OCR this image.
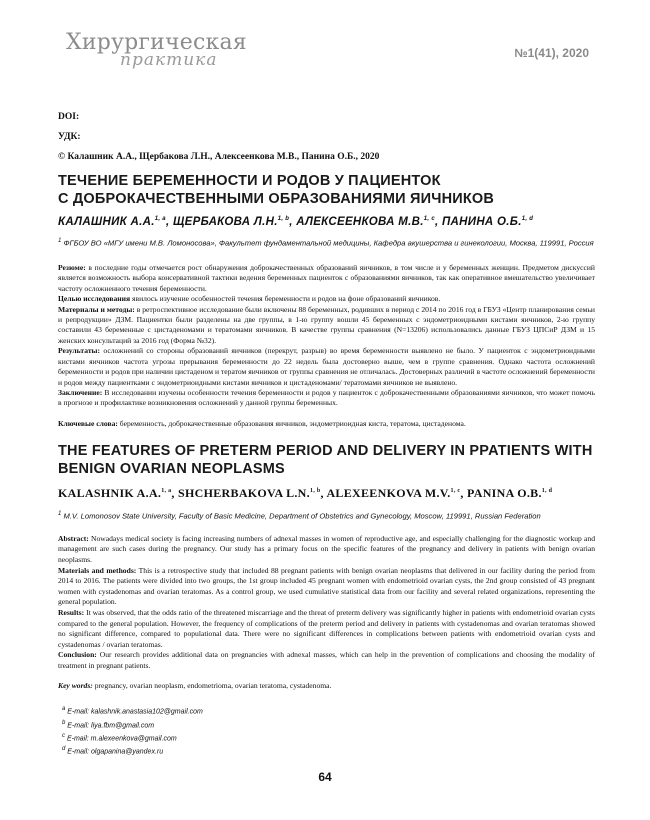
Хирургическая
практика	№1(41), 2020

DOI:

УДК:

© Калашник А.А., Щербакова Л.Н., Алексеенкова М.В., Панина О.Б., 2020

ТЕЧЕНИЕ БЕРЕМЕННОСТИ И РОДОВ У ПАЦИЕНТОК
С ДОБРОКАЧЕСТВЕННЫМИ ОБРАЗОВАНИЯМИ ЯИЧНИКОВ

КАЛАШНИК А.А.$^{1, a}$, ЩЕРБАКОВА Л.Н.$^{1, b}$, АЛЕКСЕЕНКОВА М.В.$^{1, c}$, ПАНИНА О.Б.$^{1, d}$

$^1$ ФГБОУ ВО «МГУ имени М.В. Ломоносова», Факультет фундаментальной медицины, Кафедра акушерства и гинекологии, Москва, 119991, Россия

Резюме: в последние годы отмечается рост обнаружения доброкачественных образований яичников, в том числе и у беременных женщин. Предметом дискуссий является возможность выбора консервативной тактики ведения беременных пациенток с образованиями яичников, так как оперативное вмешательство увеличивает частоту осложненного течения беременности.

Целью исследования явилось изучение особенностей течения беременности и родов на фоне образований яичников.

Материалы и методы: в ретроспективное исследование были включены 88 беременных, родивших в период с 2014 по 2016 год в ГБУЗ «Центр планирования семьи и репродукции» ДЗМ. Пациентки были разделены на две группы, в 1-ю группу вошли 45 беременных с эндометриоидными кистами яичников, 2-ю группу составили 43 беременные с цистаденомами и тератомами яичников. В качестве группы сравнения (N=13206) использовались данные ГБУЗ ЦПСиР ДЗМ и 15 женских консультаций за 2016 год (Форма №32).

Результаты: осложнений со стороны образований яичников (перекрут, разрыв) во время беременности выявлено не было. У пациенток с эндометриоидными кистами яичников частота угрозы прерывания беременности до 22 недель была достоверно выше, чем в группе сравнения. Однако частота осложнений беременности и родов при наличии цистаденом и тератом яичников от группы сравнения не отличалась. Достоверных различий в частоте осложнений беременности и родов между пациентками с эндометриоидными кистами яичников и цистаденомами/ тератомами яичников не выявлено.

Заключение: В исследовании изучены особенности течения беременности и родов у пациенток с доброкачественными образованиями яичников, что может помочь в прогнозе и профилактике возникновения осложнений у данной группы беременных.

Ключевые слова: беременность, доброкачественные образования яичников, эндометриоидная киста, тератома, цистаденома.

THE FEATURES OF PRETERM PERIOD AND DELIVERY IN PPATIENTS WITH
BENIGN OVARIAN NEOPLASMS

KALASHNIK A.A.$^{1, a}$, SHCHERBAKOVA L.N.$^{1, b}$, ALEXEENKOVA M.V.$^{1, c}$, PANINA O.B.$^{1, d}$

$^1$ M.V. Lomonosov State University, Faculty of Basic Medicine, Department of Obstetrics and Gynecology, Moscow, 119991, Russian Federation

Abstract: Nowadays medical society is facing increasing numbers of adnexal masses in women of reproductive age, and especially challenging for the diagnostic workup and management are such cases during the pregnancy. Our study has a primary focus on the specific features of the pregnancy and delivery in patients with benign ovarian neoplasms.

Materials and methods: This is a retrospective study that included 88 pregnant patients with benign ovarian neoplasms that delivered in our facility during the period from 2014 to 2016. The patients were divided into two groups, the 1st group included 45 pregnant women with endometrioid ovarian cysts, the 2nd group consisted of 43 pregnant women with cystadenomas and ovarian teratomas. As a control group, we used cumulative statistical data from our facility and several related organizations, representing the general population.

Results: It was observed, that the odds ratio of the threatened miscarriage and the threat of preterm delivery was significantly higher in patients with endometrioid ovarian cysts compared to the general population. However, the frequency of complications of the preterm period and delivery in patients with cystadenomas and ovarian teratomas showed no significant difference, compared to populational data. There were no significant differences in complications between patients with endometrioid ovarian cysts and cystadenomas / ovarian teratomas.

Conclusion: Our research provides additional data on pregnancies with adnexal masses, which can help in the prevention of complications and choosing the modality of treatment in pregnant patients.

Key words: pregnancy, ovarian neoplasm, endometrioma, ovarian teratoma, cystadenoma.

$^a$ E-mail: kalashnik.anastasia102@gmail.com
$^b$ E-mail: liya.fbm@gmail.com
$^c$ E-mail: m.alexeenkova@gmail.com
$^d$ E-mail: olgapanina@yandex.ru
64
